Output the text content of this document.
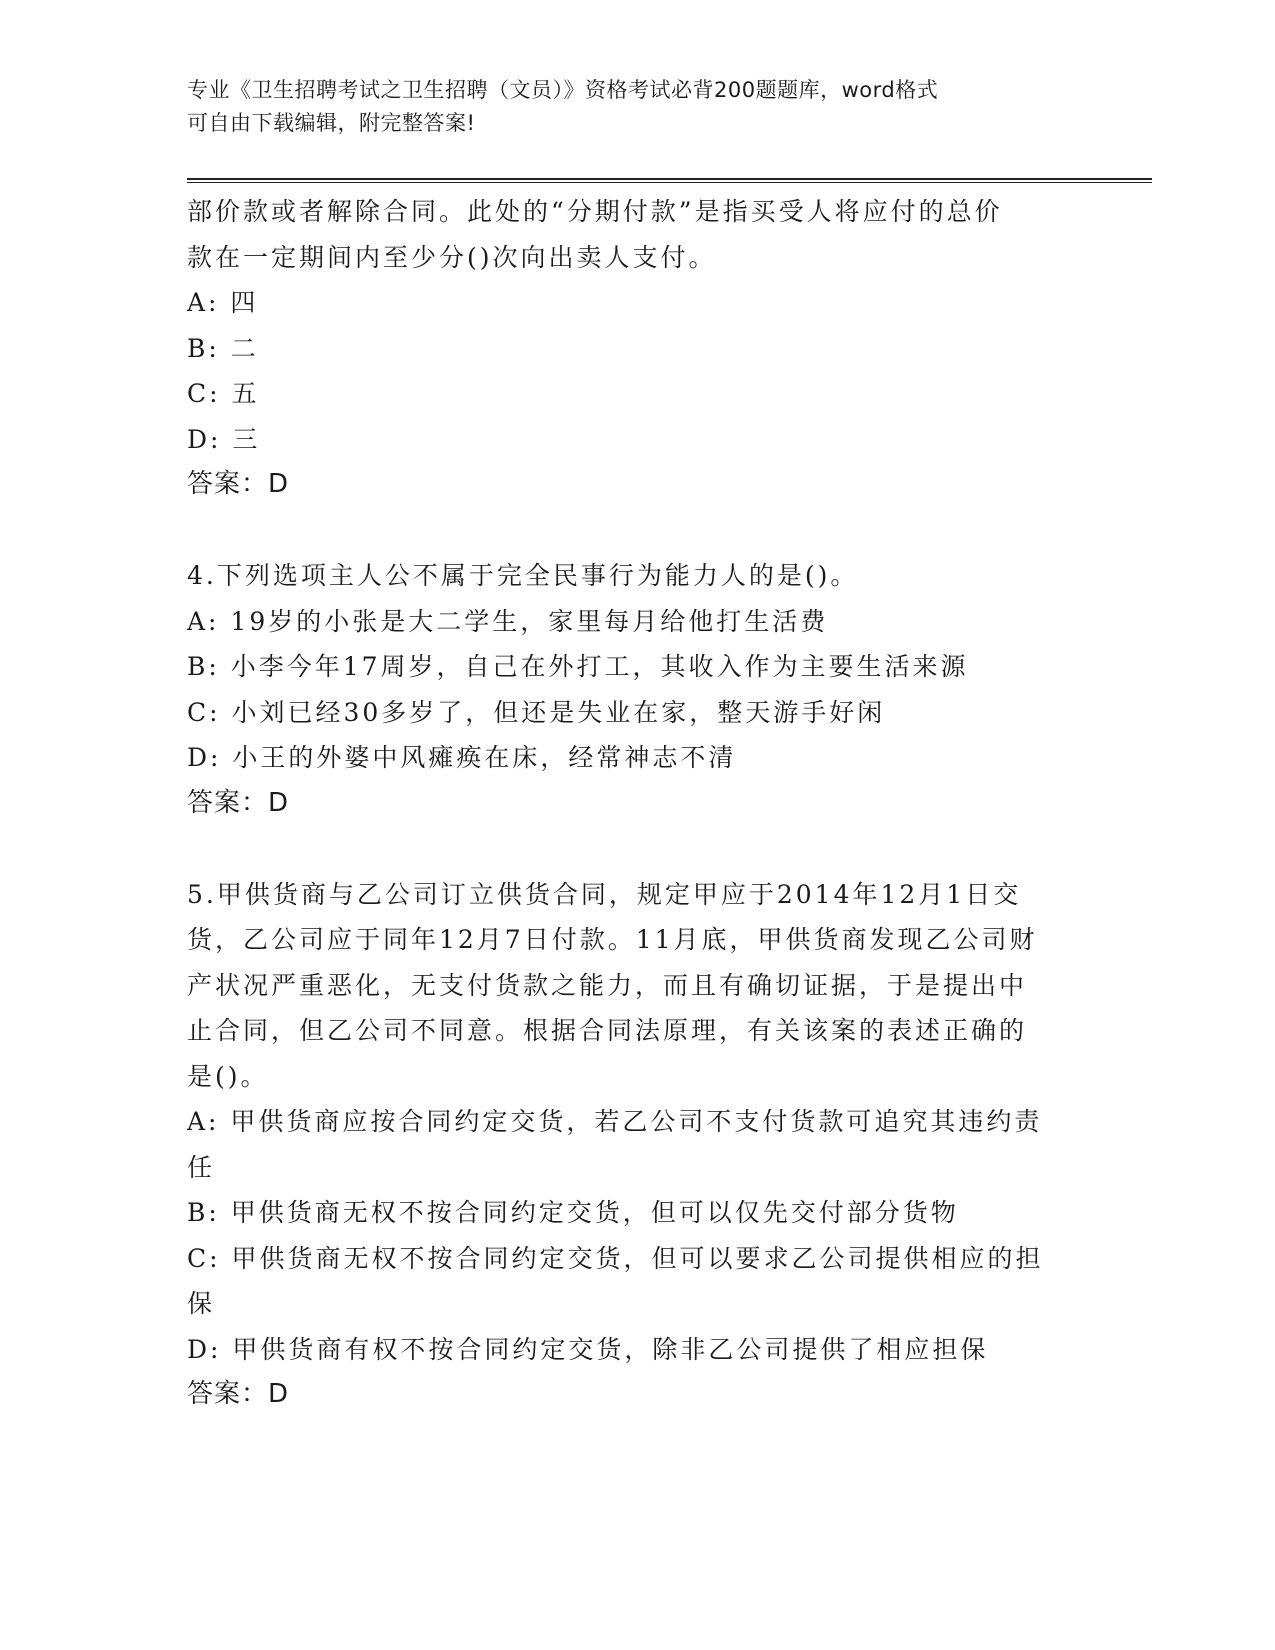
专业《卫生招聘考试之卫生招聘（文员）》资格考试必背200题题库，word格式
可自由下载编辑，附完整答案!
部价款或者解除合同。此处的“分期付款”是指买受人将应付的总价
款在一定期间内至少分()次向出卖人支付。
A: 四
B: 二
C: 五
D: 三
答案：D
4.下列选项主人公不属于完全民事行为能力人的是()。
A: 19岁的小张是大二学生，家里每月给他打生活费
B: 小李今年17周岁，自己在外打工，其收入作为主要生活来源
C: 小刘已经30多岁了，但还是失业在家，整天游手好闲
D: 小王的外婆中风瘫痪在床，经常神志不清
答案：D
5.甲供货商与乙公司订立供货合同，规定甲应于2014年12月1日交
货，乙公司应于同年12月7日付款。11月底，甲供货商发现乙公司财
产状况严重恶化，无支付货款之能力，而且有确切证据，于是提出中
止合同，但乙公司不同意。根据合同法原理，有关该案的表述正确的
是()。
A: 甲供货商应按合同约定交货，若乙公司不支付货款可追究其违约责
任
B: 甲供货商无权不按合同约定交货，但可以仅先交付部分货物
C: 甲供货商无权不按合同约定交货，但可以要求乙公司提供相应的担
保
D: 甲供货商有权不按合同约定交货，除非乙公司提供了相应担保
答案：D
